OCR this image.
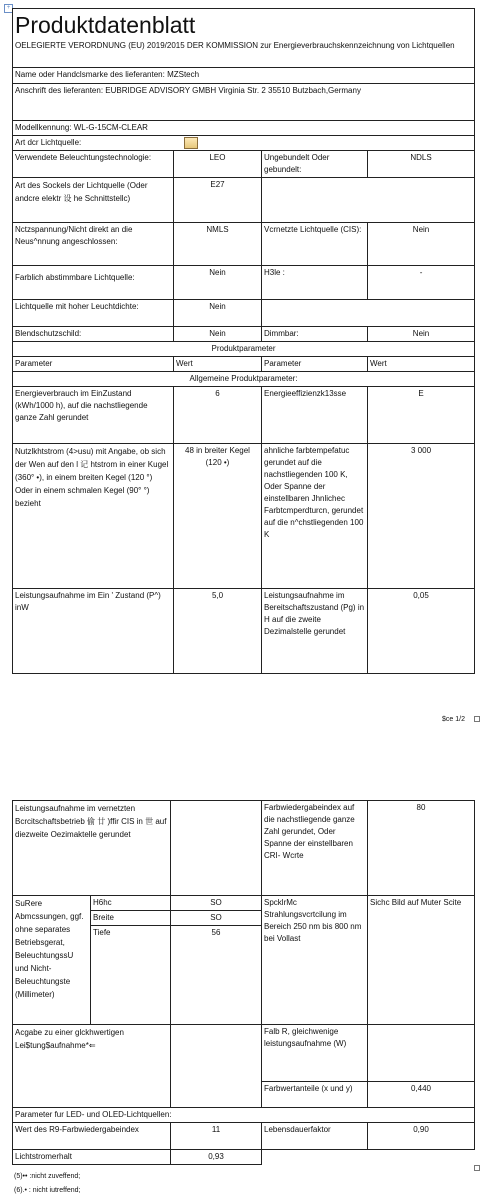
+
Produktdatenblatt			
OELEGIERTE VERORDNUNG (EU) 2019/2015 DER KOMMISSION zur Energieverbrauchskennzeichnung von Lichtquellen			
Name oder Handclsmarke des lieferanten: MZStech			
Anschrift des lieferanten: EUBRIDGE ADVISORY GMBH Virginia Str. 2 35510 Butzbach,Germany			
Modellkennung: WL-G-15CM-CLEAR			
Art dcr Lichtquelle:			
Verwendete Beleuchtungstechnologie:	LEO	Ungebundelt Oder gebundelt:	NDLS
Art des Sockels der Lichtquelle (Oder andcre elektr 设 he Schnittstellc)	E27		
Nctzspannung/Nicht direkt an die Neus^nnung angeschlossen:	NMLS	Vcrnetzte Lichtquelle (CIS):	Nein
Farblich abstimmbare Lichtquelle:	Nein	H3le :	-
Lichtquelle mit hoher Leuchtdichte:	Nein		
Blendschutzschild:	Nein	Dimmbar:	Nein
Produktparameter			
Parameter	Wert	Parameter	Wert
Allgemeine Produktparameter:			
Energieverbrauch im EinZustand (kWh/1000 h), auf die nachstliegende ganze Zahl gerundet	6	Energieeffizienzk13sse	E
Nutzlkhtstrom (4>usu) mit Angabe, ob sich der Wen auf den l 记 htstrom in einer Kugel (360° •), in einem breiten Kegel (120 °) Oder in einem schmalen Kegel (90° °) bezieht	48 in breiter Kegel (120 •)	ahnliche farbtempefatuc gerundet auf die nachstliegenden 100 K, Oder Spanne der einstellbaren Jhnlichec Farbtcmperdturcn, gerundet auf die n^chstliegenden 100 K	3 000
Leistungsaufnahme im Ein ' Zustand (P^) inW	5,0	Leistungsaufnahme im Bereitschaftszustand (Pg) in H auf die zweite Dezimalstelle gerundet	0,05
$ce 1/2
Leistungsaufnahme im vernetzten Bcrcitschaftsbetrieb 偷 廿 )ffir CIS in 世 auf diezweite Oezimaktelle gerundet			Farbwiedergabeindex auf die nachstliegende ganze Zahl gerundet, Oder Spanne der einstellbaren CRI- Wcrte	80
SuRere Abmcssungen, ggf. ohne separates Betriebsgerat, BeleuchtungssU und Nicht-Beleuchtungste (Millimeter)	H6hc	SO	SpcklrMc Strahlungsvcrtcilung im Bereich 250 nm bis 800 nm bei Vollast	Sichc Bild auf Muter Scite
	Breite	SO		
	Tiefe	56		
Acgabe zu einer glckhwertigen Lei$tung$aufnahme*⇐			Falb R, gleichwenige leistungsaufnahme (W)	
			Farbwertanteile (x und y)	0,440
Parameter fur LED- und OLED-Lichtquellen:				
Wert des R9-Farbwiedergabeindex		11	Lebensdauerfaktor	0,90
Lichtstromerhalt		0,93		
(5)•• :nicht zuveffend;
(6).• : nicht iutreffend;
